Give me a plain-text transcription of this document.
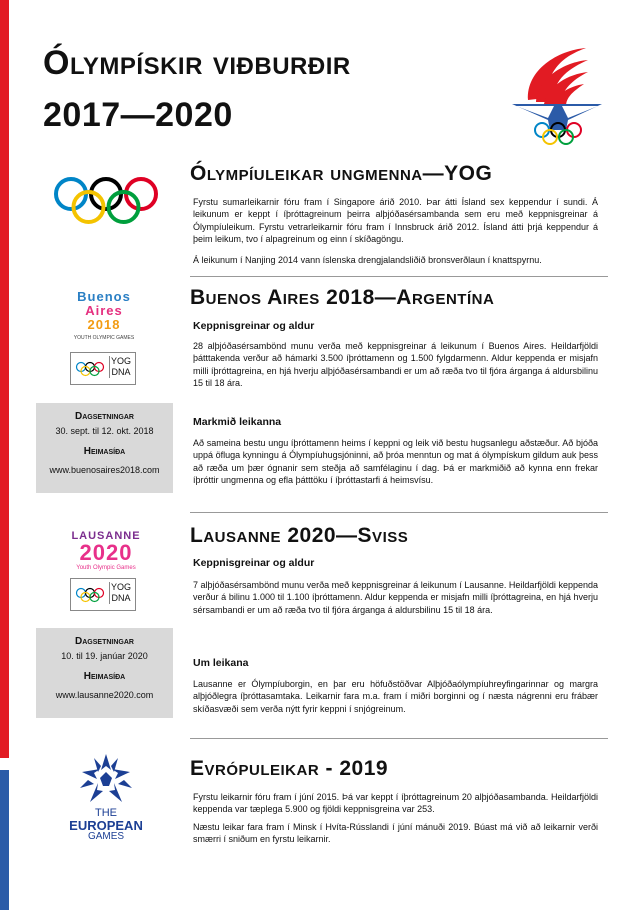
Ólympískir viðburðir
2017—2020
Ólympíuleikar ungmenna—YOG
Fyrstu sumarleikarnir fóru fram í Singapore árið 2010. Þar átti Ísland sex keppendur í sundi. Á leikunum er keppt í íþróttagreinum þeirra alþjóðasérsambanda sem eru með keppnisgreinar á Ólympíuleikum. Fyrstu vetrarleikarnir fóru fram í Innsbruck árið 2012. Ísland átti þrjá keppendur á þeim leikum, tvo í alpagreinum og einn í skíðagöngu.
Á leikunum í Nanjing 2014 vann íslenska drengjalandsliðið bronsverðlaun í knattspyrnu.
Buenos
Aires
2018
YOUTH OLYMPIC GAMES
YOG
DNA
Buenos Aires 2018—Argentína
Keppnisgreinar og aldur
28 alþjóðasérsambönd munu verða með keppnisgreinar á leikunum í Buenos Aires. Heildarfjöldi þátttakenda verður að hámarki 3.500 íþróttamenn og 1.500 fylgdarmenn. Aldur keppenda er misjafn milli íþróttagreina, en hjá hverju alþjóðasérsambandi er um að ræða tvo til fjóra árganga á aldursbilinu 15 til 18 ára.
Markmið leikanna
Að sameina bestu ungu íþróttamenn heims í keppni og leik við bestu hugsanlegu aðstæður. Að bjóða uppá öfluga kynningu á Ólympíuhugsjóninni, að þróa menntun og mat á ólympískum gildum auk þess að ræða um þær ógnanir sem steðja að samfélaginu í dag. Þá er markmiðið að kynna enn frekar íþróttir ungmenna og efla þátttöku í íþróttastarfi á heimsvísu.
Dagsetningar
30. sept. til 12. okt. 2018
Heimasíða
www.buenosaires2018.com
LAUSANNE
2020
Youth Olympic Games
YOG
DNA
Lausanne 2020—Sviss
Keppnisgreinar og aldur
7 alþjóðasérsambönd munu verða með keppnisgreinar á leikunum í Lausanne. Heildarfjöldi keppenda verður á bilinu 1.000 til 1.100 íþróttamenn. Aldur keppenda er misjafn milli íþróttagreina, en hjá hverju sérsambandi er um að ræða tvo til fjóra árganga á aldursbilinu 15 til 18 ára.
Um leikana
Lausanne er Ólympíuborgin, en þar eru höfuðstöðvar Alþjóðaólympíuhreyfingarinnar og margra alþjóðlegra íþróttasamtaka. Leikarnir fara m.a. fram í miðri borginni og í næsta nágrenni eru frábær skíðasvæði sem verða nýtt fyrir keppni í snjógreinum.
Dagsetningar
10. til 19. janúar 2020
Heimasíða
www.lausanne2020.com
THE
EUROPEAN
GAMES
Evrópuleikar - 2019
Fyrstu leikarnir fóru fram í júní 2015. Þá var keppt í íþróttagreinum 20 alþjóðasambanda. Heildarfjöldi keppenda var tæplega 5.900 og fjöldi keppnisgreina var 253.
Næstu leikar fara fram í Minsk í Hvíta-Rússlandi í júní mánuði 2019. Búast má við að leikarnir verði smærri í sniðum en fyrstu leikarnir.
